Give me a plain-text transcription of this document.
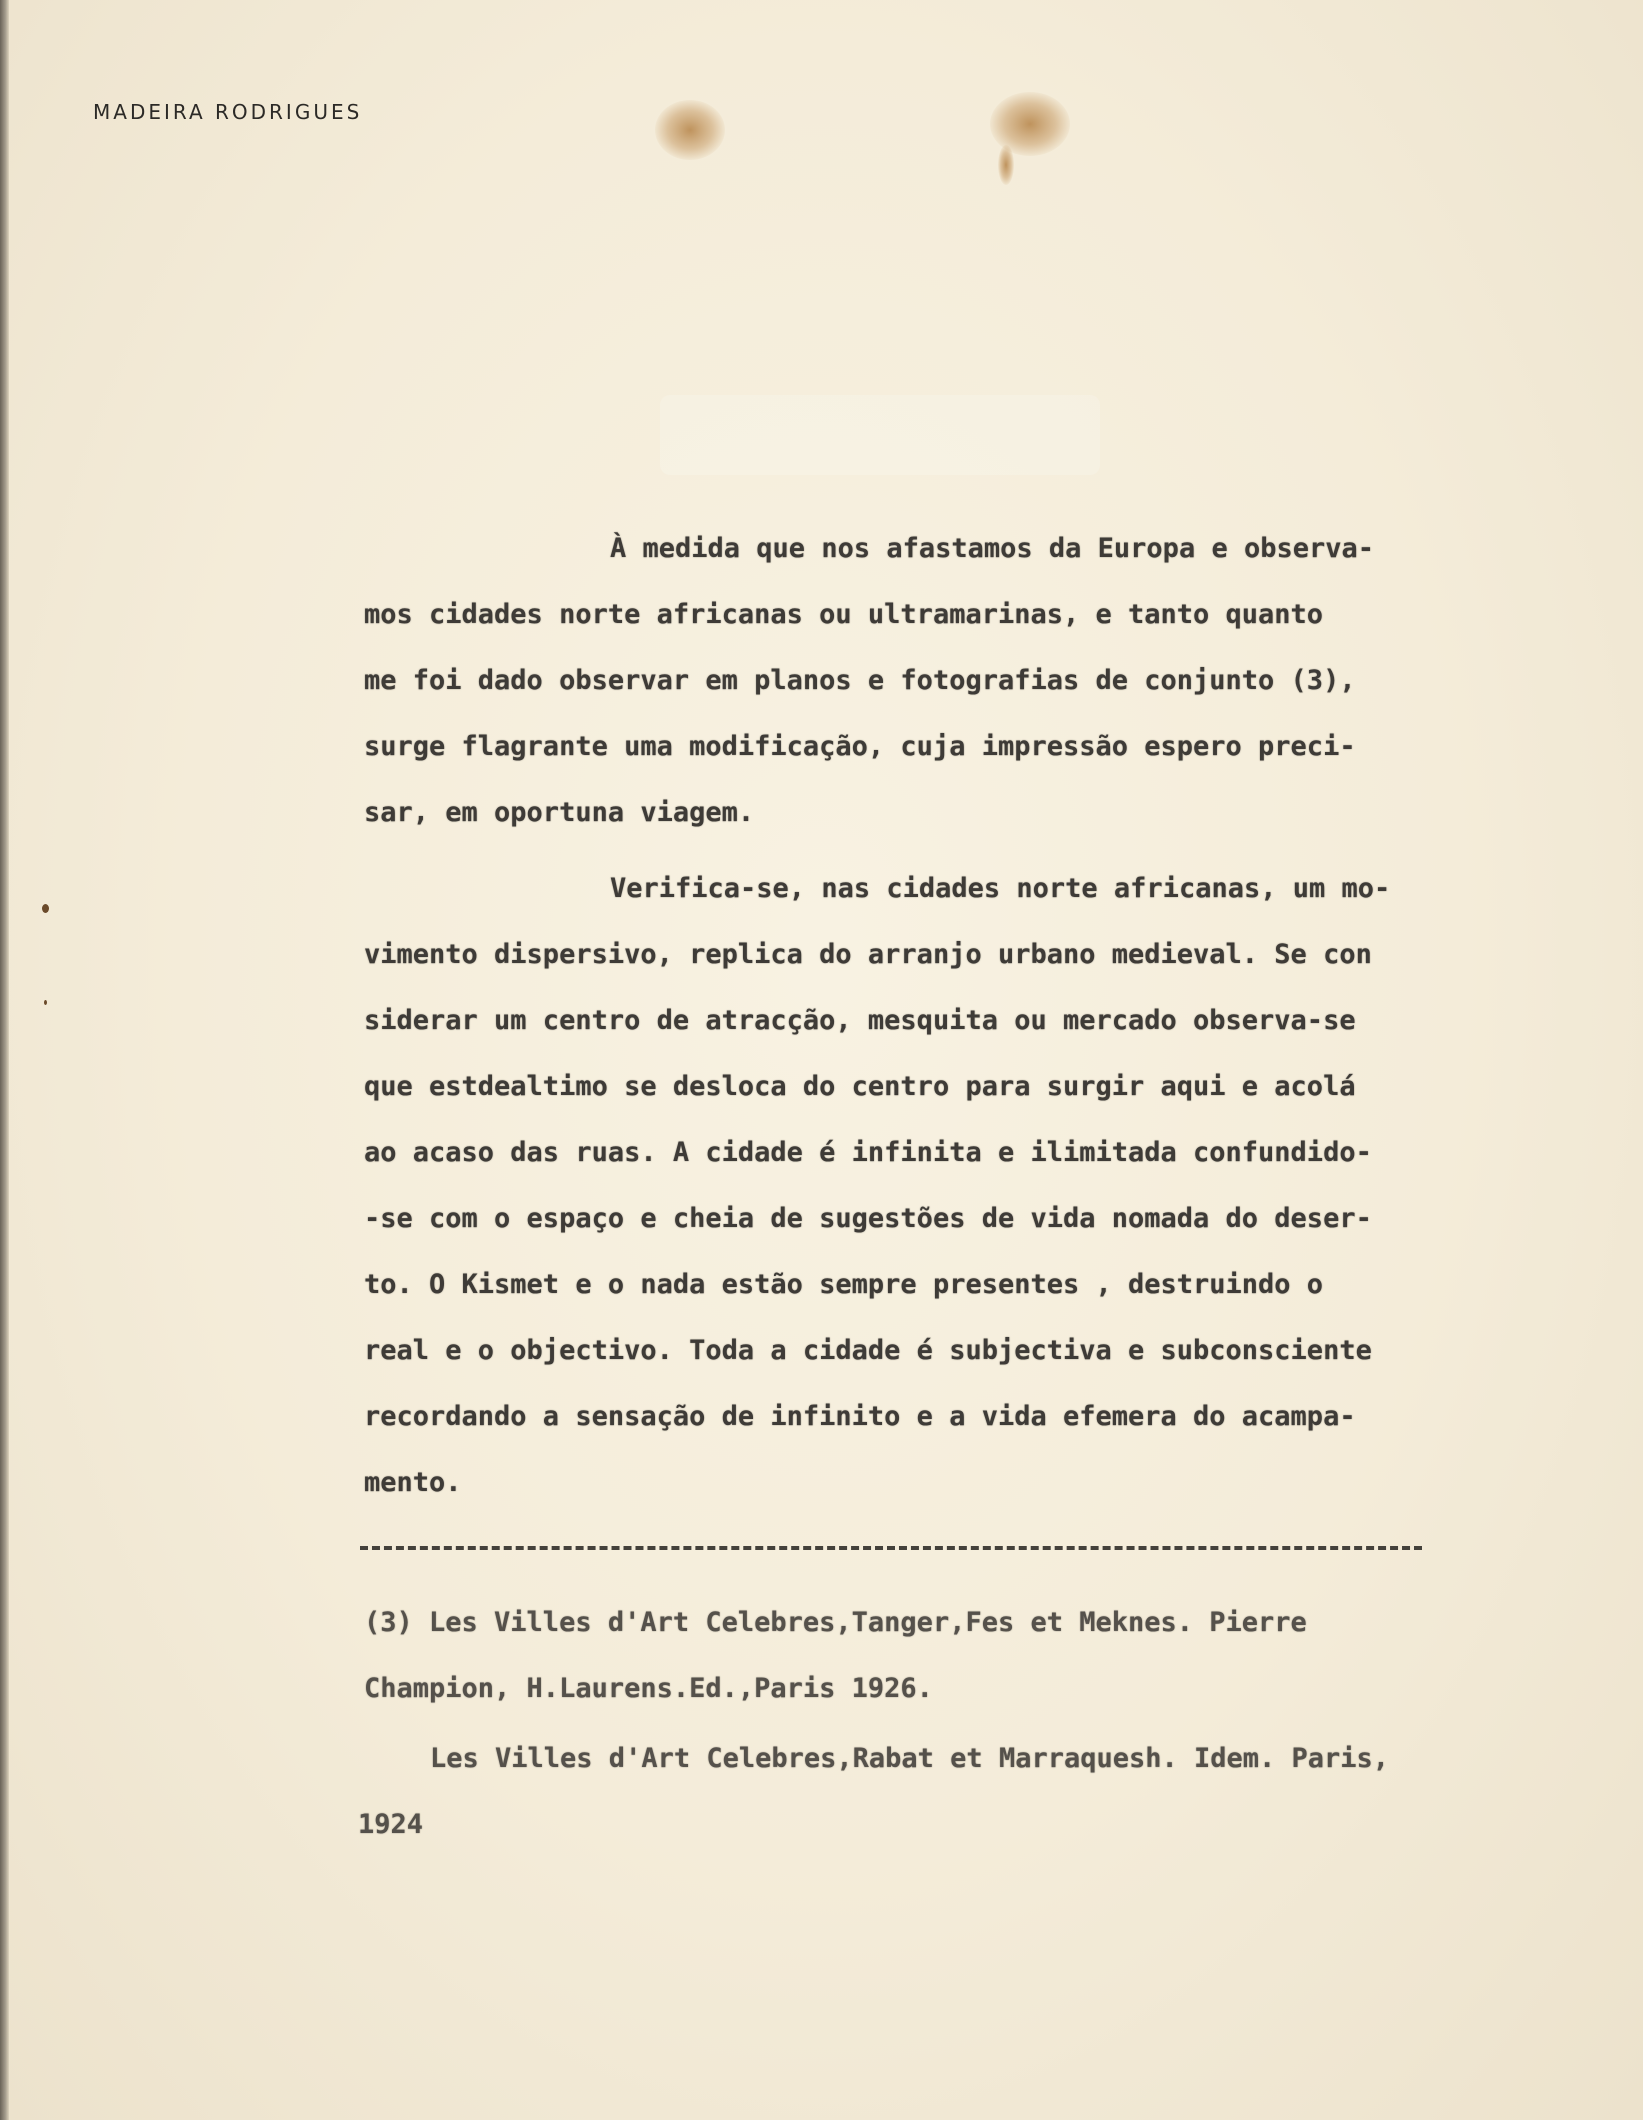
MADEIRA RODRIGUES
À medida que nos afastamos da Europa e observa-
mos cidades norte africanas ou ultramarinas, e tanto quanto
me foi dado observar em planos e fotografias de conjunto (3),
surge flagrante uma modificação, cuja impressão espero preci-
sar, em oportuna viagem.
Verifica-se, nas cidades norte africanas, um mo-
vimento dispersivo, replica do arranjo urbano medieval. Se con
siderar um centro de atracção, mesquita ou mercado observa-se
que estdealtimo se desloca do centro para surgir aqui e acolá
ao acaso das ruas. A cidade é infinita e ilimitada confundido-
-se com o espaço e cheia de sugestões de vida nomada do deser-
to. O Kismet e o nada estão sempre presentes , destruindo o
real e o objectivo. Toda a cidade é subjectiva e subconsciente
recordando a sensação de infinito e a vida efemera do acampa-
mento.
(3) Les Villes d'Art Celebres,Tanger,Fes et Meknes. Pierre
Champion, H.Laurens.Ed.,Paris 1926.
Les Villes d'Art Celebres,Rabat et Marraquesh. Idem. Paris,
1924
